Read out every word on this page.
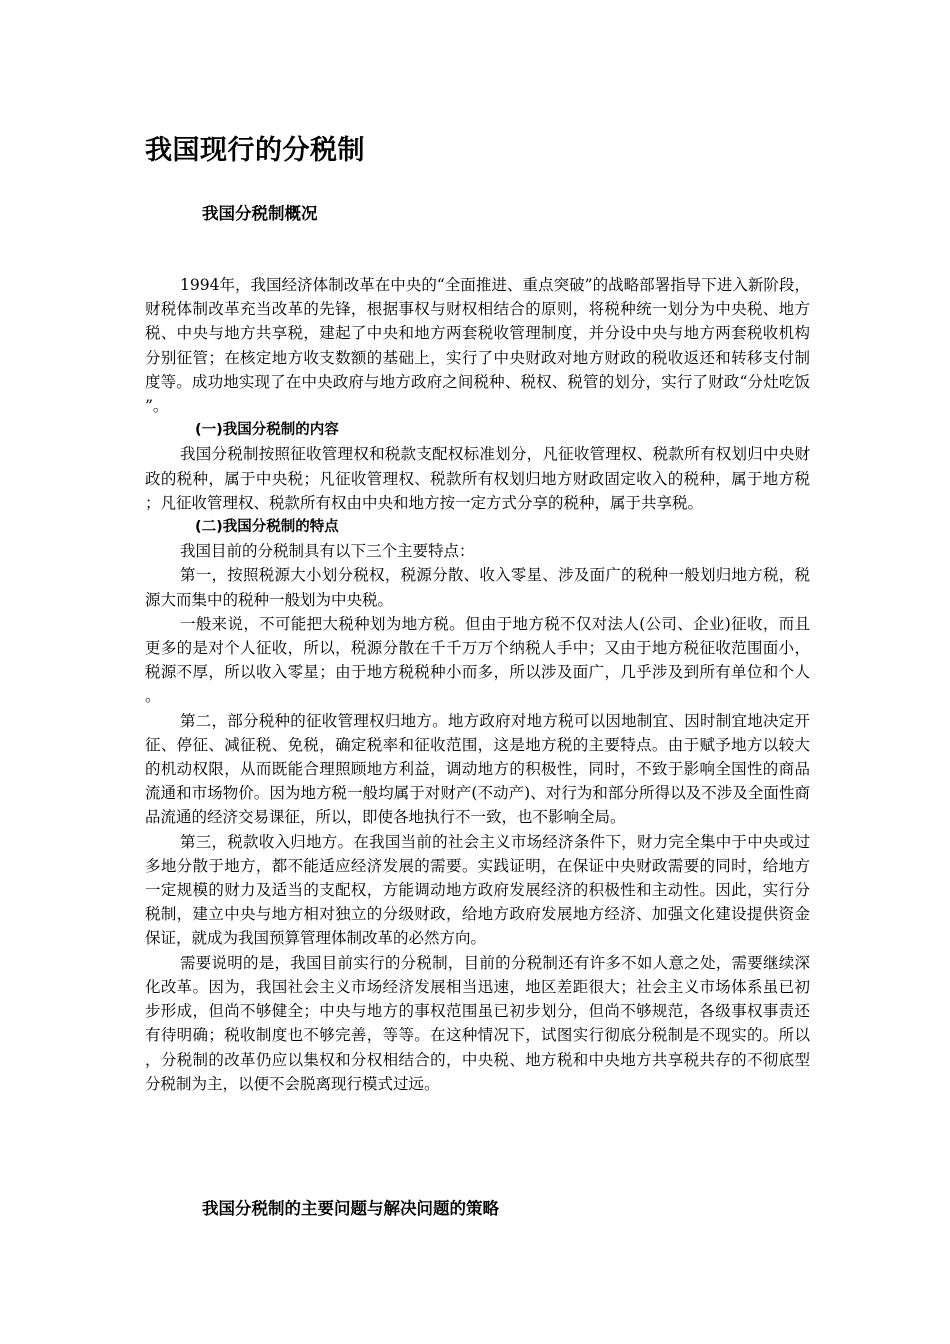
我国现行的分税制
我国分税制概况

1994年，我国经济体制改革在中央的“全面推进、重点突破”的战略部署指导下进入新阶段，财税体制改革充当改革的先锋，根据事权与财权相结合的原则，将税种统一划分为中央税、地方税、中央与地方共享税，建起了中央和地方两套税收管理制度，并分设中央与地方两套税收机构分别征管；在核定地方收支数额的基础上，实行了中央财政对地方财政的税收返还和转移支付制度等。成功地实现了在中央政府与地方政府之间税种、税权、税管的划分，实行了财政“分灶吃饭”。

(一)我国分税制的内容

我国分税制按照征收管理权和税款支配权标准划分，凡征收管理权、税款所有权划归中央财政的税种，属于中央税；凡征收管理权、税款所有权划归地方财政固定收入的税种，属于地方税；凡征收管理权、税款所有权由中央和地方按一定方式分享的税种，属于共享税。

(二)我国分税制的特点

我国目前的分税制具有以下三个主要特点：

第一，按照税源大小划分税权，税源分散、收入零星、涉及面广的税种一般划归地方税，税源大而集中的税种一般划为中央税。

一般来说，不可能把大税种划为地方税。但由于地方税不仅对法人(公司、企业)征收，而且更多的是对个人征收，所以，税源分散在千千万万个纳税人手中；又由于地方税征收范围面小，税源不厚，所以收入零星；由于地方税税种小而多，所以涉及面广，几乎涉及到所有单位和个人。

第二，部分税种的征收管理权归地方。地方政府对地方税可以因地制宜、因时制宜地决定开征、停征、减征税、免税，确定税率和征收范围，这是地方税的主要特点。由于赋予地方以较大的机动权限，从而既能合理照顾地方利益，调动地方的积极性，同时，不致于影响全国性的商品流通和市场物价。因为地方税一般均属于对财产(不动产)、对行为和部分所得以及不涉及全面性商品流通的经济交易课征，所以，即使各地执行不一致，也不影响全局。

第三，税款收入归地方。在我国当前的社会主义市场经济条件下，财力完全集中于中央或过多地分散于地方，都不能适应经济发展的需要。实践证明，在保证中央财政需要的同时，给地方一定规模的财力及适当的支配权，方能调动地方政府发展经济的积极性和主动性。因此，实行分税制，建立中央与地方相对独立的分级财政，给地方政府发展地方经济、加强文化建设提供资金保证，就成为我国预算管理体制改革的必然方向。

需要说明的是，我国目前实行的分税制，目前的分税制还有许多不如人意之处，需要继续深化改革。因为，我国社会主义市场经济发展相当迅速，地区差距很大；社会主义市场体系虽已初步形成，但尚不够健全；中央与地方的事权范围虽已初步划分，但尚不够规范，各级事权事责还有待明确；税收制度也不够完善，等等。在这种情况下，试图实行彻底分税制是不现实的。所以，分税制的改革仍应以集权和分权相结合的，中央税、地方税和中央地方共享税共存的不彻底型分税制为主，以便不会脱离现行模式过远。

我国分税制的主要问题与解决问题的策略
